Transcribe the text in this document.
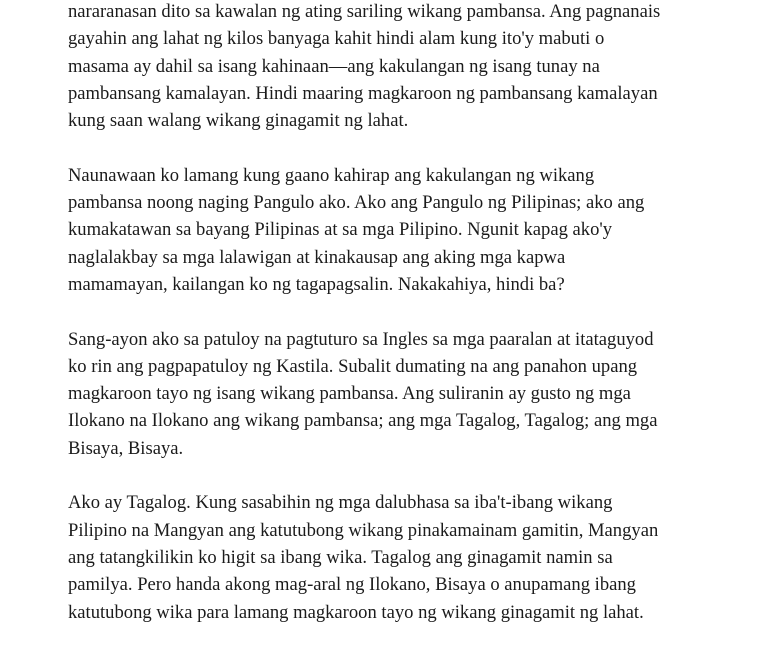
nararanasan dito sa kawalan ng ating sariling wikang pambansa. Ang pagnanais
gayahin ang lahat ng kilos banyaga kahit hindi alam kung ito'y mabuti o
masama ay dahil sa isang kahinaan—ang kakulangan ng isang tunay na
pambansang kamalayan. Hindi maaring magkaroon ng pambansang kamalayan
kung saan walang wikang ginagamit ng lahat.

Naunawaan ko lamang kung gaano kahirap ang kakulangan ng wikang
pambansa noong naging Pangulo ako. Ako ang Pangulo ng Pilipinas; ako ang
kumakatawan sa bayang Pilipinas at sa mga Pilipino. Ngunit kapag ako'y
naglalakbay sa mga lalawigan at kinakausap ang aking mga kapwa
mamamayan, kailangan ko ng tagapagsalin. Nakakahiya, hindi ba?

Sang-ayon ako sa patuloy na pagtuturo sa Ingles sa mga paaralan at itataguyod
ko rin ang pagpapatuloy ng Kastila. Subalit dumating na ang panahon upang
magkaroon tayo ng isang wikang pambansa. Ang suliranin ay gusto ng mga
Ilokano na Ilokano ang wikang pambansa; ang mga Tagalog, Tagalog; ang mga
Bisaya, Bisaya.

Ako ay Tagalog. Kung sasabihin ng mga dalubhasa sa iba't-ibang wikang
Pilipino na Mangyan ang katutubong wikang pinakamainam gamitin, Mangyan
ang tatangkilikin ko higit sa ibang wika. Tagalog ang ginagamit namin sa
pamilya. Pero handa akong mag-aral ng Ilokano, Bisaya o anupamang ibang
katutubong wika para lamang magkaroon tayo ng wikang ginagamit ng lahat.
